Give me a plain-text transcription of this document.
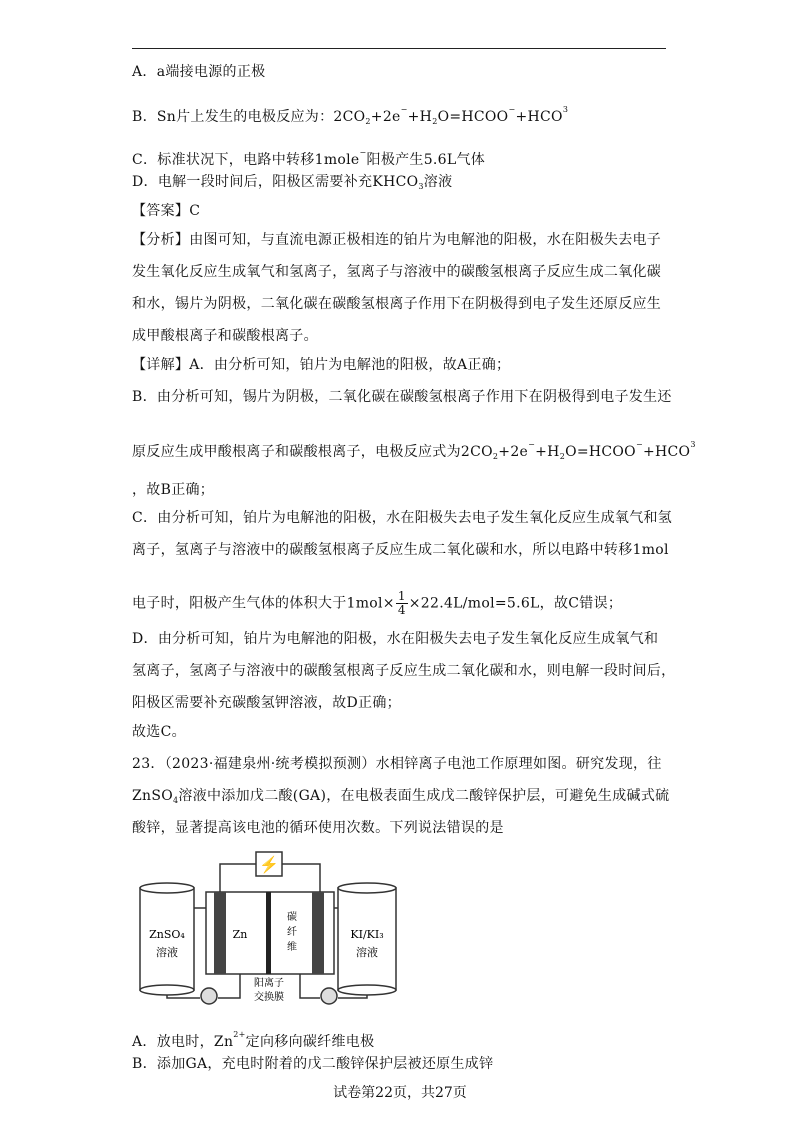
A．a端接电源的正极
B．Sn片上发生的电极反应为：$2CO_2+2e^-+H_2O=HCOO^-+HCO^3$
C．标准状况下，电路中转移1mole−阳极产生5.6L气体
D．电解一段时间后，阳极区需要补充$KHCO_3$溶液
【答案】C
【分析】由图可知，与直流电源正极相连的铂片为电解池的阳极，水在阳极失去电子
发生氧化反应生成氧气和氢离子，氢离子与溶液中的碳酸氢根离子反应生成二氧化碳
和水，锡片为阴极，二氧化碳在碳酸氢根离子作用下在阴极得到电子发生还原反应生
成甲酸根离子和碳酸根离子。
【详解】A．由分析可知，铂片为电解池的阳极，故A正确；
B．由分析可知，锡片为阴极，二氧化碳在碳酸氢根离子作用下在阴极得到电子发生还
原反应生成甲酸根离子和碳酸根离子，电极反应式为$2CO_2+2e^-+H_2O=HCOO^-+HCO^3$
，故B正确；
C．由分析可知，铂片为电解池的阳极，水在阳极失去电子发生氧化反应生成氧气和氢
离子，氢离子与溶液中的碳酸氢根离子反应生成二氧化碳和水，所以电路中转移1mol
电子时，阳极产生气体的体积大于$1mol\times \frac{1}{4} \times 22.4L/mol=5.6L$，故C错误；
D．由分析可知，铂片为电解池的阳极，水在阳极失去电子发生氧化反应生成氧气和
氢离子，氢离子与溶液中的碳酸氢根离子反应生成二氧化碳和水，则电解一段时间后，
阳极区需要补充碳酸氢钾溶液，故D正确；
故选C。
23．（2023·福建泉州·统考模拟预测）水相锌离子电池工作原理如图。研究发现，往
ZnSO$_4$溶液中添加戊二酸(GA)，在电极表面生成戊二酸锌保护层，可避免生成碱式硫
酸锌，显著提高该电池的循环使用次数。下列说法错误的是
⚡
ZnSO₄
溶液
KI/KI₃
溶液
Zn
碳
纤
维
阳离子
交换膜
A．放电时，$Zn^{2+}$定向移向碳纤维电极
B．添加GA，充电时附着的戊二酸锌保护层被还原生成锌
试卷第22页，共27页
